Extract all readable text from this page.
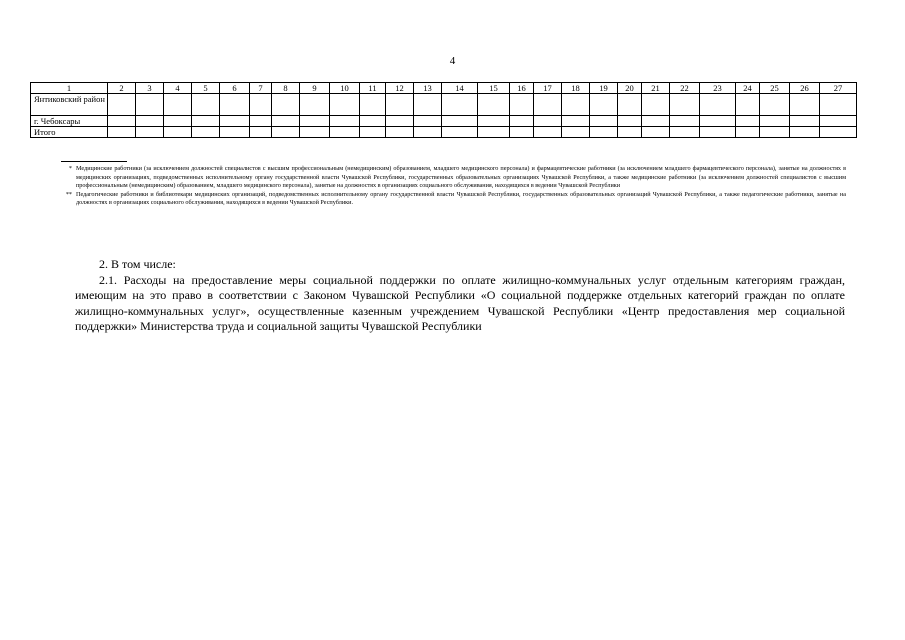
4
1	2	3	4	5	6	7	8	9	10	11	12	13	14	15	16	17	18	19	20	21	22	23	24	25	26	27
Янтиковский район																										
г. Чебоксары																										
Итого																										
* Медицинские работники (за исключением должностей специалистов с высшим профессиональным (немедицинским) образованием, младшего медицинского персонала) и фармацевтические работники (за исключением младшего фармацевтического персонала), занятые на должностях в медицинских организациях, подведомственных исполнительному органу государственной власти Чувашской Республики, государственных образовательных организациях Чувашской Республики, а также медицинские работники (за исключением должностей специалистов с высшим профессиональным (немедицинским) образованием, младшего медицинского персонала), занятые на должностях в организациях социального обслуживания, находящихся в ведении Чувашской Республики
** Педагогические работники и библиотекари медицинских организаций, подведомственных исполнительному органу государственной власти Чувашской Республики, государственных образовательных организаций Чувашской Республики, а также педагогические работники, занятые на должностях в организациях социального обслуживания, находящихся в ведении Чувашской Республики.

2. В том числе:

2.1. Расходы на предоставление меры социальной поддержки по оплате жилищно-коммунальных услуг отдельным категориям граждан, имеющим на это право в соответствии с Законом Чувашской Республики «О социальной поддержке отдельных категорий граждан по оплате жилищно-коммунальных услуг», осуществленные казенным учреждением Чувашской Республики «Центр предоставления мер социальной поддержки» Министерства труда и социальной защиты Чувашской Республики
